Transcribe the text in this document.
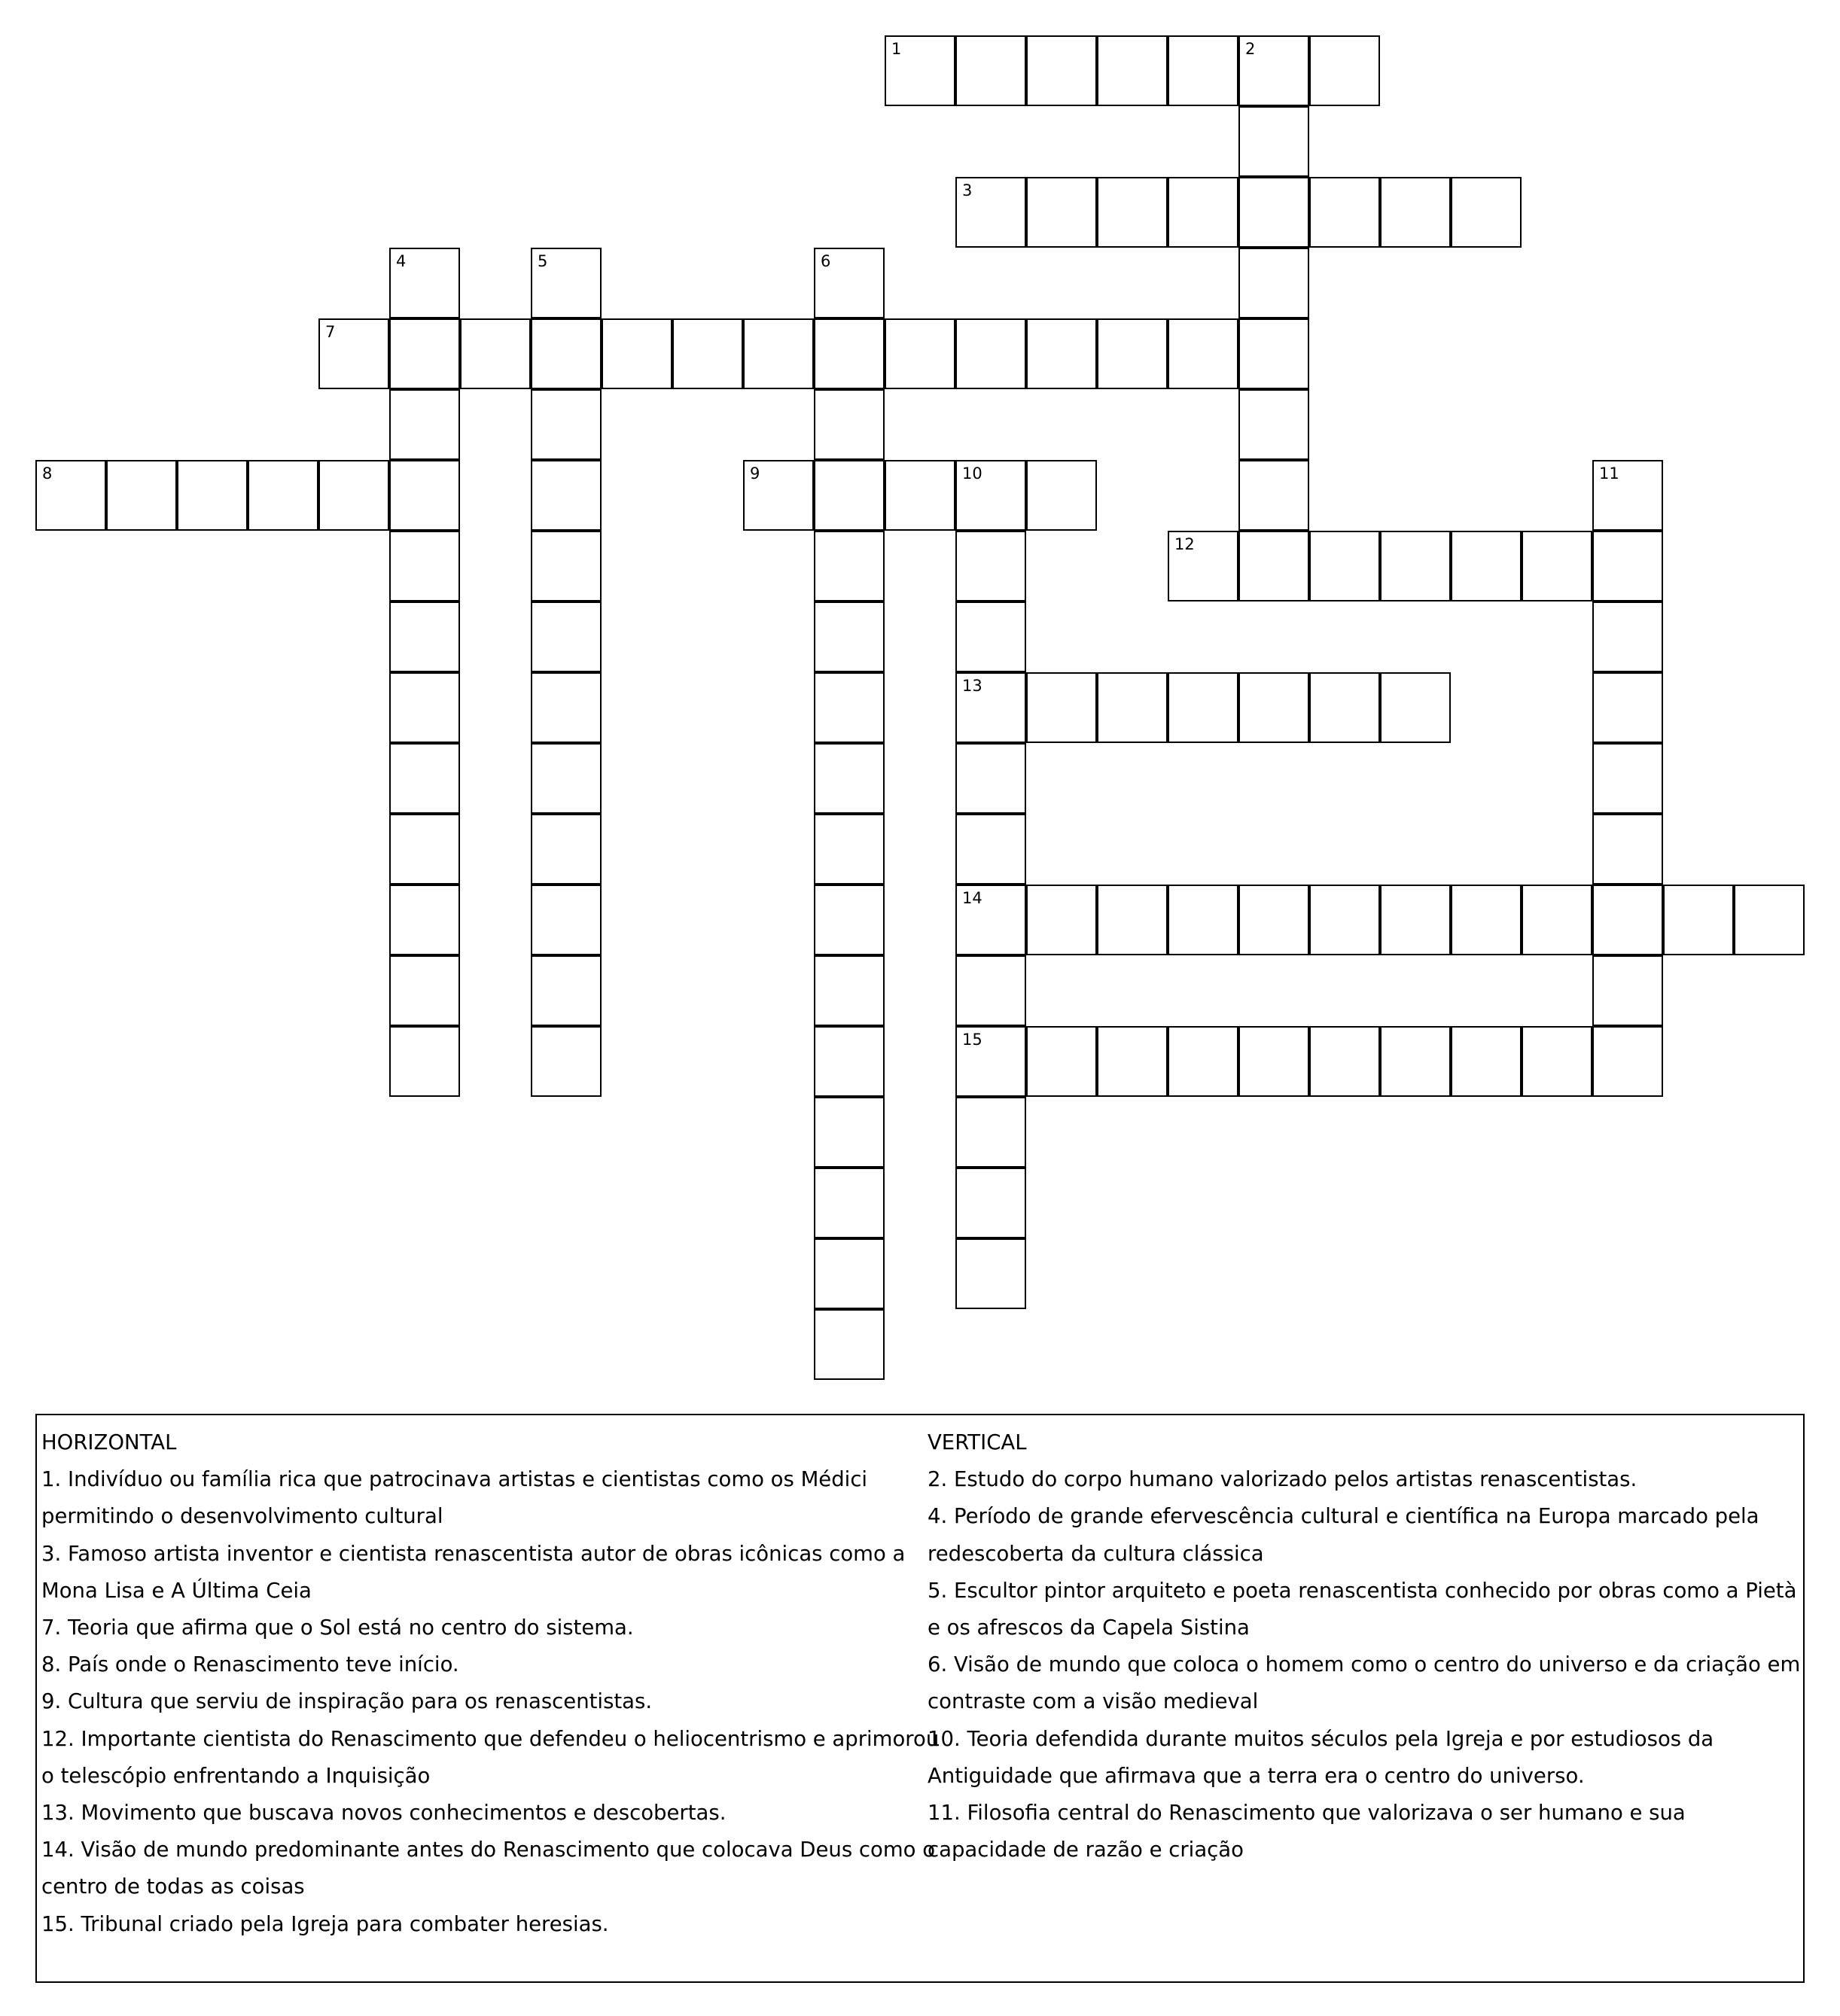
1	2
3
4	5	6
7
8	9	10
13
14
15
11
12

HORIZONTAL

1. Indivíduo ou família rica que patrocinava artistas e cientistas como os Médici permitindo o desenvolvimento cultural

3. Famoso artista inventor e cientista renascentista autor de obras icônicas como a Mona Lisa e A Última Ceia

7. Teoria que afirma que o Sol está no centro do sistema.

8. País onde o Renascimento teve início.

9. Cultura que serviu de inspiração para os renascentistas.

12. Importante cientista do Renascimento que defendeu o heliocentrismo e aprimorou o telescópio enfrentando a Inquisição

13. Movimento que buscava novos conhecimentos e descobertas.

14. Visão de mundo predominante antes do Renascimento que colocava Deus como o centro de todas as coisas

15. Tribunal criado pela Igreja para combater heresias.

VERTICAL

2. Estudo do corpo humano valorizado pelos artistas renascentistas.

4. Período de grande efervescência cultural e científica na Europa marcado pela redescoberta da cultura clássica

5. Escultor pintor arquiteto e poeta renascentista conhecido por obras como a Pietà e os afrescos da Capela Sistina

6. Visão de mundo que coloca o homem como o centro do universo e da criação em contraste com a visão medieval

10. Teoria defendida durante muitos séculos pela Igreja e por estudiosos da Antiguidade que afirmava que a terra era o centro do universo.

11. Filosofia central do Renascimento que valorizava o ser humano e sua capacidade de razão e criação
